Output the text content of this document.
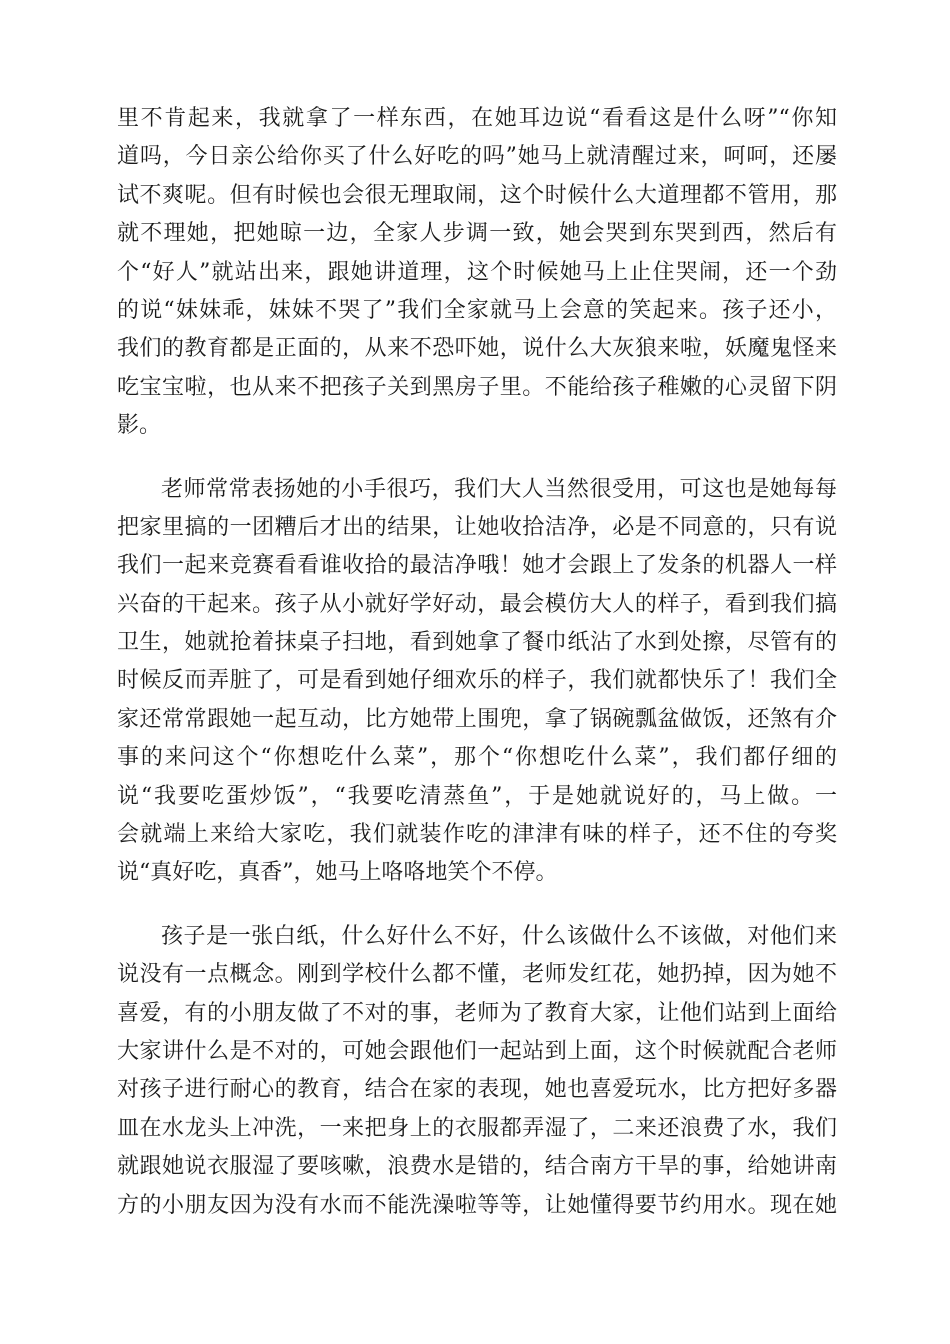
里不肯起来，我就拿了一样东西，在她耳边说“看看这是什么呀”“你知
道吗，今日亲公给你买了什么好吃的吗”她马上就清醒过来，呵呵，还屡
试不爽呢。但有时候也会很无理取闹，这个时候什么大道理都不管用，那
就不理她，把她晾一边，全家人步调一致，她会哭到东哭到西，然后有
个“好人”就站出来，跟她讲道理，这个时候她马上止住哭闹，还一个劲
的说“妹妹乖，妹妹不哭了”我们全家就马上会意的笑起来。孩子还小，
我们的教育都是正面的，从来不恐吓她，说什么大灰狼来啦，妖魔鬼怪来
吃宝宝啦，也从来不把孩子关到黑房子里。不能给孩子稚嫩的心灵留下阴
影。
老师常常表扬她的小手很巧，我们大人当然很受用，可这也是她每每
把家里搞的一团糟后才出的结果，让她收拾洁净，必是不同意的，只有说
我们一起来竞赛看看谁收拾的最洁净哦！她才会跟上了发条的机器人一样
兴奋的干起来。孩子从小就好学好动，最会模仿大人的样子，看到我们搞
卫生，她就抢着抹桌子扫地，看到她拿了餐巾纸沾了水到处擦，尽管有的
时候反而弄脏了，可是看到她仔细欢乐的样子，我们就都快乐了！我们全
家还常常跟她一起互动，比方她带上围兜，拿了锅碗瓢盆做饭，还煞有介
事的来问这个“你想吃什么菜”，那个“你想吃什么菜”，我们都仔细的
说“我要吃蛋炒饭”，“我要吃清蒸鱼”，于是她就说好的，马上做。一
会就端上来给大家吃，我们就装作吃的津津有味的样子，还不住的夸奖
说“真好吃，真香”，她马上咯咯地笑个不停。
孩子是一张白纸，什么好什么不好，什么该做什么不该做，对他们来
说没有一点概念。刚到学校什么都不懂，老师发红花，她扔掉，因为她不
喜爱，有的小朋友做了不对的事，老师为了教育大家，让他们站到上面给
大家讲什么是不对的，可她会跟他们一起站到上面，这个时候就配合老师
对孩子进行耐心的教育，结合在家的表现，她也喜爱玩水，比方把好多器
皿在水龙头上冲洗，一来把身上的衣服都弄湿了，二来还浪费了水，我们
就跟她说衣服湿了要咳嗽，浪费水是错的，结合南方干旱的事，给她讲南
方的小朋友因为没有水而不能洗澡啦等等，让她懂得要节约用水。现在她
